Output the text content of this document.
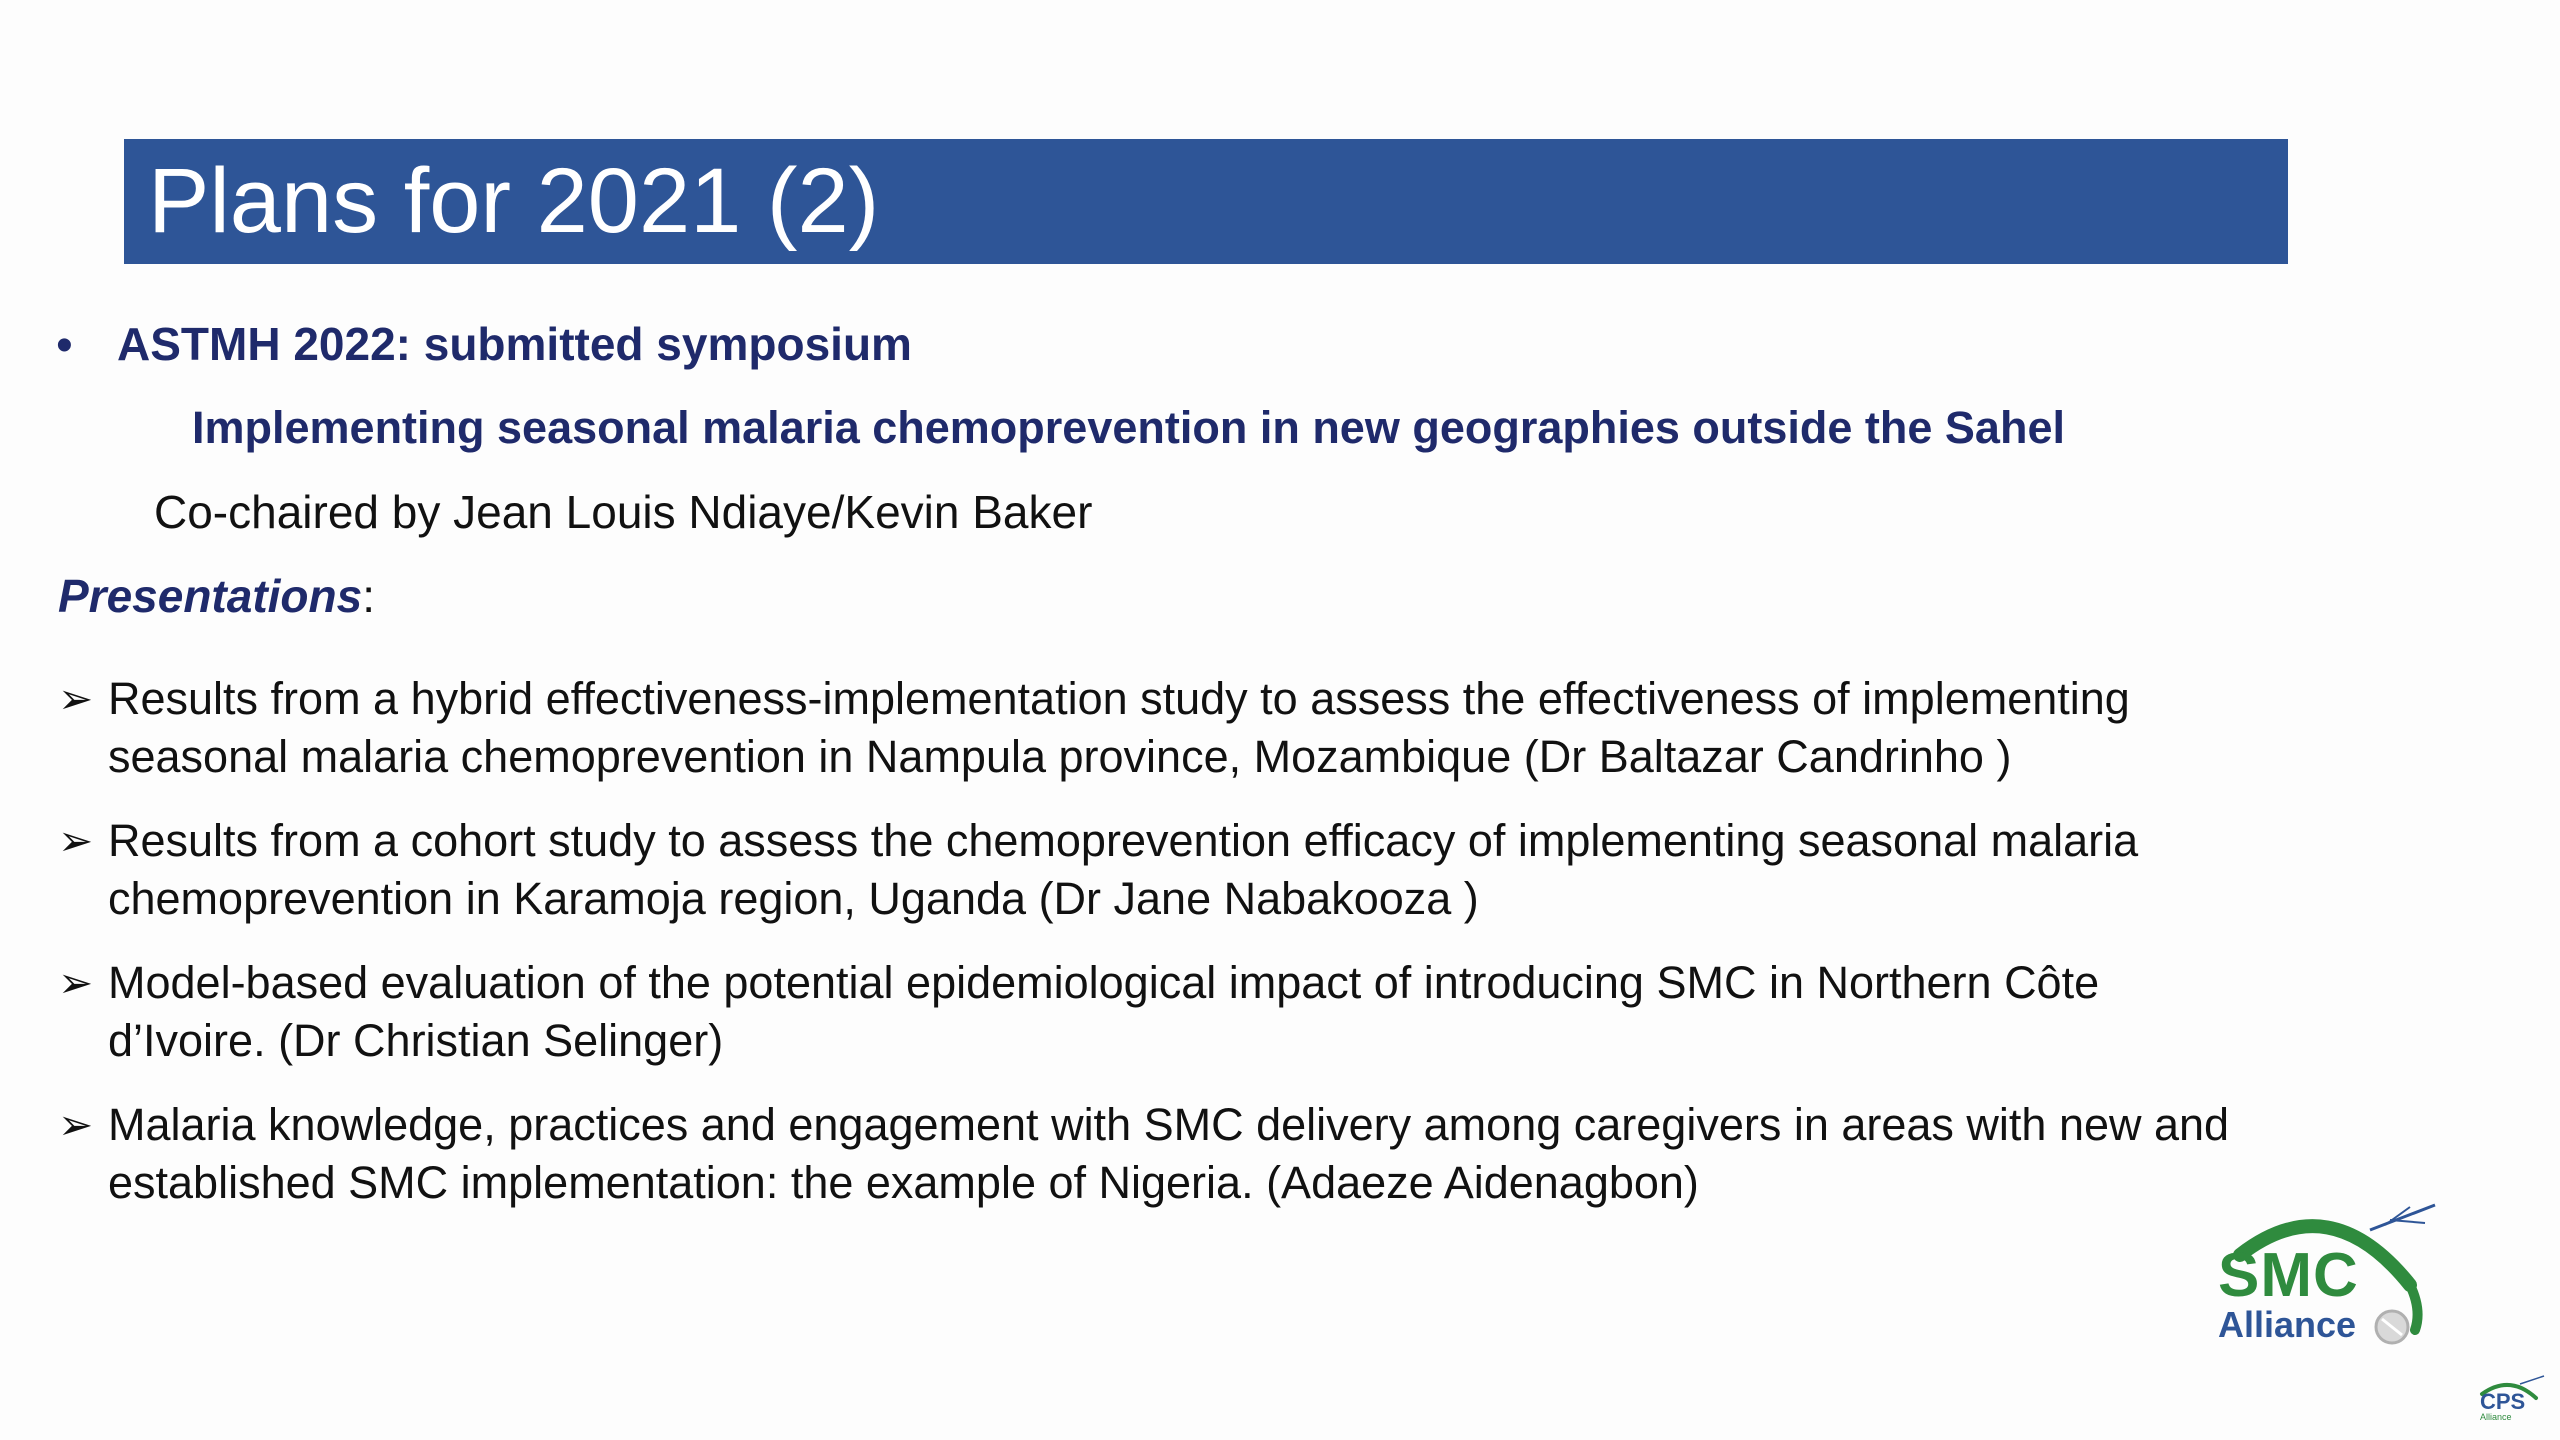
Plans for 2021 (2)
• ASTMH 2022: submitted symposium
Implementing seasonal malaria chemoprevention in new geographies outside the Sahel
Co-chaired by Jean Louis Ndiaye/Kevin Baker
Presentations:
➢ Results from a hybrid effectiveness-implementation study to assess the effectiveness of implementing seasonal malaria chemoprevention in Nampula province, Mozambique (Dr Baltazar Candrinho )
➢ Results from a cohort study to assess the chemoprevention efficacy of implementing seasonal malaria chemoprevention in Karamoja region, Uganda (Dr Jane Nabakooza )
➢ Model-based evaluation of the potential epidemiological impact of introducing SMC in Northern Côte d’Ivoire. (Dr Christian Selinger)
➢ Malaria knowledge, practices and engagement with SMC delivery among caregivers in areas with new and established SMC implementation: the example of Nigeria. (Adaeze Aidenagbon)
SMC
Alliance
CPS
Alliance
